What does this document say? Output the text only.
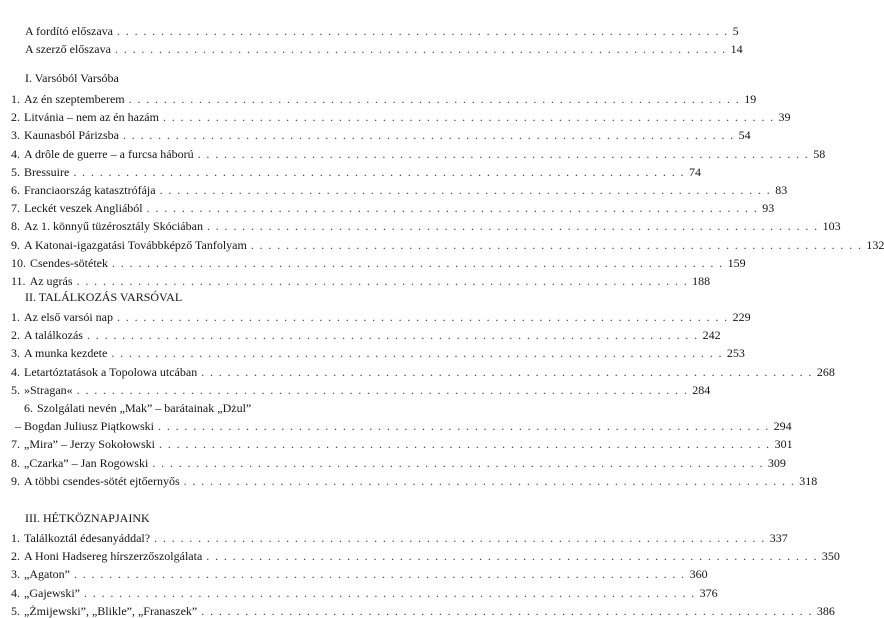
A fordító előszava . . . . . . . . . . . . . . . . . . . . . . . . . . . . . . . . . . . . . . . . . . . . . . . . . . . . . . . . . . . . . . . . . . . . . . 5
A szerző előszava . . . . . . . . . . . . . . . . . . . . . . . . . . . . . . . . . . . . . . . . . . . . . . . . . . . . . . . . . . . . . . . . . . . . . . 14
I. Varsóból Varsóba
1. Az én szeptemberem . . . . . . . . . . . . . . . . . . . . . . . . . . . . . . . . . . . . . . . . . . . . . . . . . . . . . . . . . . . . . . . . . . . . . . 19
2. Litvánia – nem az én hazám . . . . . . . . . . . . . . . . . . . . . . . . . . . . . . . . . . . . . . . . . . . . . . . . . . . . . . . . . . . . . . . . . . . . . . 39
3. Kaunasból Párizsba . . . . . . . . . . . . . . . . . . . . . . . . . . . . . . . . . . . . . . . . . . . . . . . . . . . . . . . . . . . . . . . . . . . . . . 54
4. A drôle de guerre – a furcsa háború . . . . . . . . . . . . . . . . . . . . . . . . . . . . . . . . . . . . . . . . . . . . . . . . . . . . . . . . . . . . . . . . . . . . . . 58
5. Bressuire . . . . . . . . . . . . . . . . . . . . . . . . . . . . . . . . . . . . . . . . . . . . . . . . . . . . . . . . . . . . . . . . . . . . . . 74
6. Franciaország katasztrófája . . . . . . . . . . . . . . . . . . . . . . . . . . . . . . . . . . . . . . . . . . . . . . . . . . . . . . . . . . . . . . . . . . . . . . 83
7. Leckét veszek Angliából . . . . . . . . . . . . . . . . . . . . . . . . . . . . . . . . . . . . . . . . . . . . . . . . . . . . . . . . . . . . . . . . . . . . . . 93
8. Az 1. könnyű tüzérosztály Skóciában . . . . . . . . . . . . . . . . . . . . . . . . . . . . . . . . . . . . . . . . . . . . . . . . . . . . . . . . . . . . . . . . . . . . . . 103
9. A Katonai-igazgatási Továbbképző Tanfolyam . . . . . . . . . . . . . . . . . . . . . . . . . . . . . . . . . . . . . . . . . . . . . . . . . . . . . . . . . . . . . . . . . . . . . . 132
10. Csendes-sötétek . . . . . . . . . . . . . . . . . . . . . . . . . . . . . . . . . . . . . . . . . . . . . . . . . . . . . . . . . . . . . . . . . . . . . . 159
11. Az ugrás . . . . . . . . . . . . . . . . . . . . . . . . . . . . . . . . . . . . . . . . . . . . . . . . . . . . . . . . . . . . . . . . . . . . . . 188
II. TALÁLKOZÁS VARSÓVAL
1. Az első varsói nap . . . . . . . . . . . . . . . . . . . . . . . . . . . . . . . . . . . . . . . . . . . . . . . . . . . . . . . . . . . . . . . . . . . . . . 229
2. A találkozás . . . . . . . . . . . . . . . . . . . . . . . . . . . . . . . . . . . . . . . . . . . . . . . . . . . . . . . . . . . . . . . . . . . . . . 242
3. A munka kezdete . . . . . . . . . . . . . . . . . . . . . . . . . . . . . . . . . . . . . . . . . . . . . . . . . . . . . . . . . . . . . . . . . . . . . . 253
4. Letartóztatások a Topolowa utcában . . . . . . . . . . . . . . . . . . . . . . . . . . . . . . . . . . . . . . . . . . . . . . . . . . . . . . . . . . . . . . . . . . . . . . 268
5. »Stragan« . . . . . . . . . . . . . . . . . . . . . . . . . . . . . . . . . . . . . . . . . . . . . . . . . . . . . . . . . . . . . . . . . . . . . . 284
6. Szolgálati nevén „Mak” – barátainak „Dżul”
– Bogdan Juliusz Piątkowski . . . . . . . . . . . . . . . . . . . . . . . . . . . . . . . . . . . . . . . . . . . . . . . . . . . . . . . . . . . . . . . . . . . . . . 294
7. „Mira” – Jerzy Sokołowski . . . . . . . . . . . . . . . . . . . . . . . . . . . . . . . . . . . . . . . . . . . . . . . . . . . . . . . . . . . . . . . . . . . . . . 301
8. „Czarka” – Jan Rogowski . . . . . . . . . . . . . . . . . . . . . . . . . . . . . . . . . . . . . . . . . . . . . . . . . . . . . . . . . . . . . . . . . . . . . . 309
9. A többi csendes-sötét ejtőernyős . . . . . . . . . . . . . . . . . . . . . . . . . . . . . . . . . . . . . . . . . . . . . . . . . . . . . . . . . . . . . . . . . . . . . . 318
III. HÉTKÖZNAPJAINK
1. Találkoztál édesanyáddal? . . . . . . . . . . . . . . . . . . . . . . . . . . . . . . . . . . . . . . . . . . . . . . . . . . . . . . . . . . . . . . . . . . . . . . 337
2. A Honi Hadsereg hírszerzőszolgálata . . . . . . . . . . . . . . . . . . . . . . . . . . . . . . . . . . . . . . . . . . . . . . . . . . . . . . . . . . . . . . . . . . . . . . 350
3. „Agaton” . . . . . . . . . . . . . . . . . . . . . . . . . . . . . . . . . . . . . . . . . . . . . . . . . . . . . . . . . . . . . . . . . . . . . . 360
4. „Gajewski” . . . . . . . . . . . . . . . . . . . . . . . . . . . . . . . . . . . . . . . . . . . . . . . . . . . . . . . . . . . . . . . . . . . . . . 376
5. „Żmijewski”, „Blikle”, „Franaszek” . . . . . . . . . . . . . . . . . . . . . . . . . . . . . . . . . . . . . . . . . . . . . . . . . . . . . . . . . . . . . . . . . . . . . . 386
